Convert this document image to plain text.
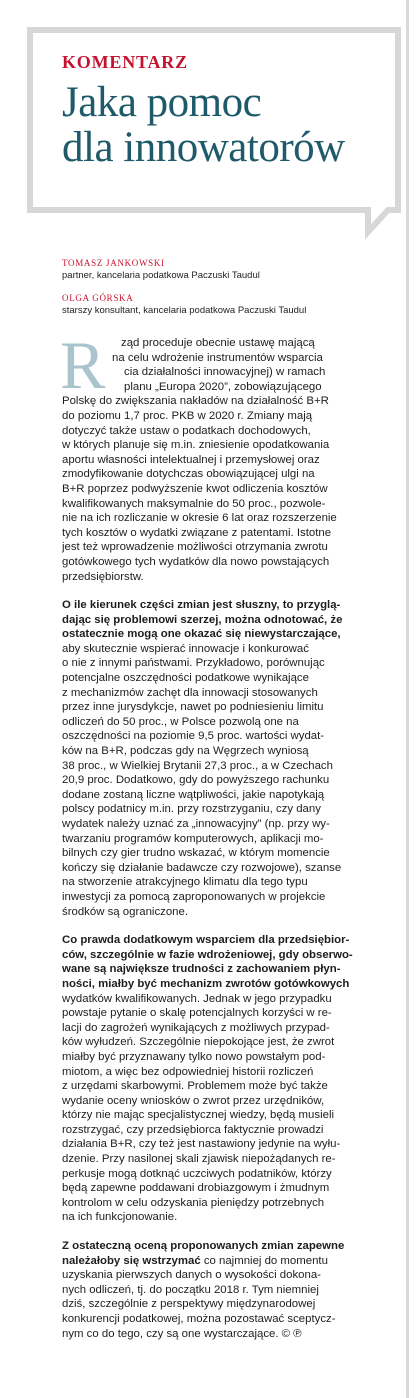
KOMENTARZ
Jaka pomoc
dla innowatorów
TOMASZ JANKOWSKI
partner, kancelaria podatkowa Paczuski Taudul
OLGA GÓRSKA
starszy konsultant, kancelaria podatkowa Paczuski Taudul
R	ząd proceduje obecnie ustawę mającą
na celu wdrożenie instrumentów wsparcia
cia działalności innowacyjnej) w ramach
planu „Europa 2020”, zobowiązującego
Polskę do zwiększania nakładów na działalność B+R
do poziomu 1,7 proc. PKB w 2020 r. Zmiany mają
dotyczyć także ustaw o podatkach dochodowych,
w których planuje się m.in. zniesienie opodatkowania
aportu własności intelektualnej i przemysłowej oraz
zmodyfikowanie dotychczas obowiązującej ulgi na
B+R poprzez podwyższenie kwot odliczenia kosztów
kwalifikowanych maksymalnie do 50 proc., pozwole-
nie na ich rozliczanie w okresie 6 lat oraz rozszerzenie
tych kosztów o wydatki związane z patentami. Istotne
jest też wprowadzenie możliwości otrzymania zwrotu
gotówkowego tych wydatków dla nowo powstających
przedsiębiorstw.
O ile kierunek części zmian jest słuszny, to przyglą-
dając się problemowi szerzej, można odnotować, że
ostatecznie mogą one okazać się niewystarczające,
aby skutecznie wspierać innowacje i konkurować
o nie z innymi państwami. Przykładowo, porównując
potencjalne oszczędności podatkowe wynikające
z mechanizmów zachęt dla innowacji stosowanych
przez inne jurysdykcje, nawet po podniesieniu limitu
odliczeń do 50 proc., w Polsce pozwolą one na
oszczędności na poziomie 9,5 proc. wartości wydat-
ków na B+R, podczas gdy na Węgrzech wyniosą
38 proc., w Wielkiej Brytanii 27,3 proc., a w Czechach
20,9 proc. Dodatkowo, gdy do powyższego rachunku
dodane zostaną liczne wątpliwości, jakie napotykają
polscy podatnicy m.in. przy rozstrzyganiu, czy dany
wydatek należy uznać za „innowacyjny” (np. przy wy-
twarzaniu programów komputerowych, aplikacji mo-
bilnych czy gier trudno wskazać, w którym momencie
kończy się działanie badawcze czy rozwojowe), szanse
na stworzenie atrakcyjnego klimatu dla tego typu
inwestycji za pomocą zaproponowanych w projekcie
środków są ograniczone.
Co prawda dodatkowym wsparciem dla przedsiębior-
ców, szczególnie w fazie wdrożeniowej, gdy obserwo-
wane są największe trudności z zachowaniem płyn-
ności, miałby być mechanizm zwrotów gotówkowych
wydatków kwalifikowanych. Jednak w jego przypadku
powstaje pytanie o skalę potencjalnych korzyści w re-
lacji do zagrożeń wynikających z możliwych przypad-
ków wyłudzeń. Szczególnie niepokojące jest, że zwrot
miałby być przyznawany tylko nowo powstałym pod-
miotom, a więc bez odpowiedniej historii rozliczeń
z urzędami skarbowymi. Problemem może być także
wydanie oceny wniosków o zwrot przez urzędników,
którzy nie mając specjalistycznej wiedzy, będą musieli
rozstrzygać, czy przedsiębiorca faktycznie prowadzi
działania B+R, czy też jest nastawiony jedynie na wyłu-
dzenie. Przy nasilonej skali zjawisk niepożądanych re-
perkusje mogą dotknąć uczciwych podatników, którzy
będą zapewne poddawani drobiazgowym i żmudnym
kontrolom w celu odzyskania pieniędzy potrzebnych
na ich funkcjonowanie.
Z ostateczną oceną proponowanych zmian zapewne
należałoby się wstrzymać co najmniej do momentu
uzyskania pierwszych danych o wysokości dokona-
nych odliczeń, tj. do początku 2018 r. Tym niemniej
dziś, szczególnie z perspektywy międzynarodowej
konkurencji podatkowej, można pozostawać sceptycz-
nym co do tego, czy są one wystarczające. © ℗
